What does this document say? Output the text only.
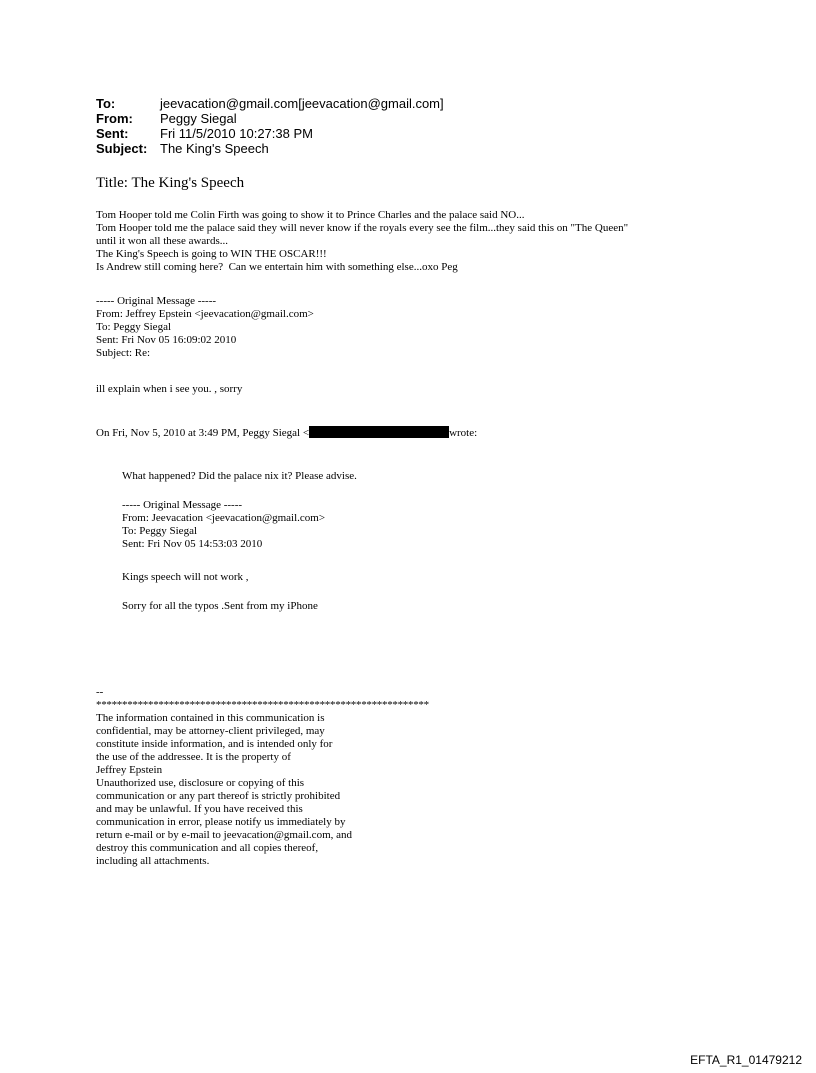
To:	jeevacation@gmail.com[jeevacation@gmail.com]
From:	Peggy Siegal
Sent:	Fri 11/5/2010 10:27:38 PM
Subject: The King's Speech
Title: The King's Speech
Tom Hooper told me Colin Firth was going to show it to Prince Charles and the palace said NO...
Tom Hooper told me the palace said they will never know if the royals every see the film...they said this on "The Queen"
until it won all these awards...
The King's Speech is going to WIN THE OSCAR!!!
Is Andrew still coming here?  Can we entertain him with something else...oxo Peg
----- Original Message -----
From: Jeffrey Epstein <jeevacation@gmail.com>
To: Peggy Siegal
Sent: Fri Nov 05 16:09:02 2010
Subject: Re:
ill explain when i see you. , sorry
On Fri, Nov 5, 2010 at 3:49 PM, Peggy Siegal <	wrote:
What happened? Did the palace nix it? Please advise.
----- Original Message -----
From: Jeevacation <jeevacation@gmail.com>
To: Peggy Siegal
Sent: Fri Nov 05 14:53:03 2010
Kings speech will not work ,
Sorry for all the typos .Sent from my iPhone
--
****************************************************************
The information contained in this communication is
confidential, may be attorney-client privileged, may
constitute inside information, and is intended only for
the use of the addressee. It is the property of
Jeffrey Epstein
Unauthorized use, disclosure or copying of this
communication or any part thereof is strictly prohibited
and may be unlawful. If you have received this
communication in error, please notify us immediately by
return e-mail or by e-mail to jeevacation@gmail.com, and
destroy this communication and all copies thereof,
including all attachments.
EFTA_R1_01479212
